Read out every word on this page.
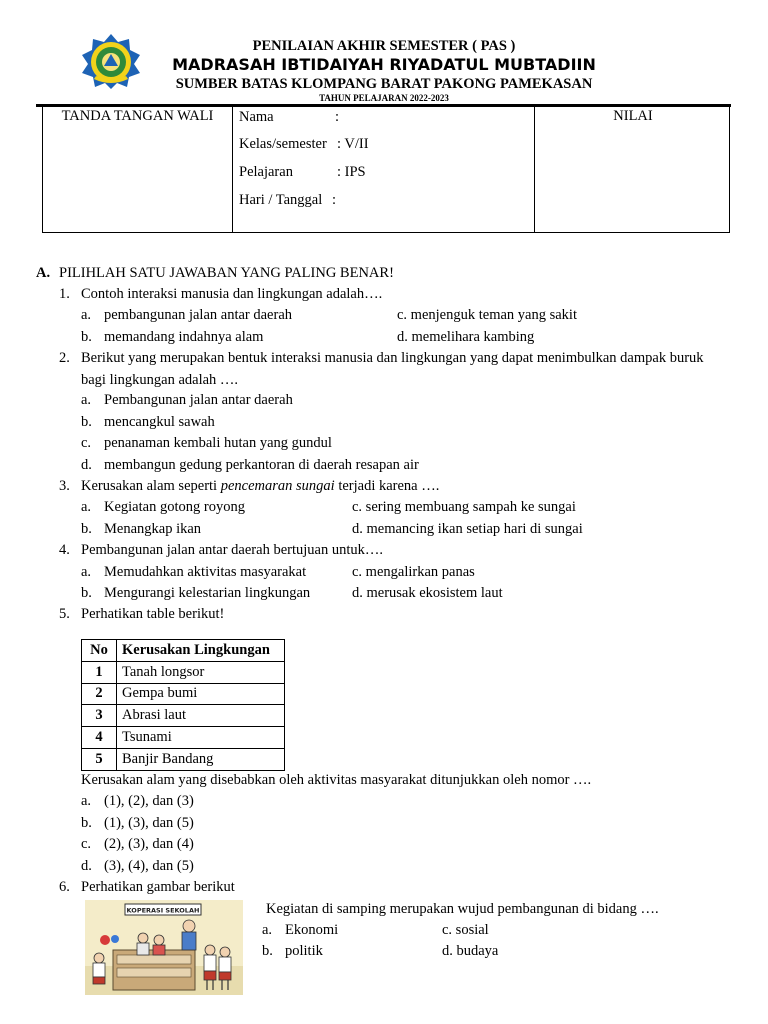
PENILAIAN AKHIR SEMESTER ( PAS )
MADRASAH IBTIDAIYAH RIYADATUL MUBTADIIN
SUMBER BATAS KLOMPANG BARAT PAKONG PAMEKASAN
TAHUN PELAJARAN 2022-2023
TANDA TANGAN WALI	Nama	:
Kelas/semester : V/II
Pelajaran	: IPS
Hari / Tanggal :
NILAI
A. PILIHLAH SATU JAWABAN YANG PALING BENAR!
1. Contoh interaksi manusia dan lingkungan adalah….
a. pembangunan jalan antar daerah	c. menjenguk teman yang sakit
b. memandang indahnya alam	d. memelihara kambing
2. Berikut yang merupakan bentuk interaksi manusia dan lingkungan yang dapat menimbulkan dampak buruk
bagi lingkungan adalah ….
a. Pembangunan jalan antar daerah
b. mencangkul sawah
c. penanaman kembali hutan yang gundul
d. membangun gedung perkantoran di daerah resapan air
3. Kerusakan alam seperti pencemaran sungai terjadi karena ….
a. Kegiatan gotong royong	c. sering membuang sampah ke sungai
b. Menangkap ikan	d. memancing ikan setiap hari di sungai
4. Pembangunan jalan antar daerah bertujuan untuk….
a. Memudahkan aktivitas masyarakat	c. mengalirkan panas
b. Mengurangi kelestarian lingkungan	d. merusak ekosistem laut
5. Perhatikan table berikut!
No	Kerusakan Lingkungan
1	Tanah longsor
2	Gempa bumi
3	Abrasi laut
4	Tsunami
5	Banjir Bandang
Kerusakan alam yang disebabkan oleh aktivitas masyarakat ditunjukkan oleh nomor ….
a. (1), (2), dan (3)
b. (1), (3), dan (5)
c. (2), (3), dan (4)
d. (3), (4), dan (5)
6. Perhatikan gambar berikut
KOPERASI SEKOLAH	Kegiatan di samping merupakan wujud pembangunan di bidang ….
a. Ekonomi	c. sosial
b. politik	d. budaya
